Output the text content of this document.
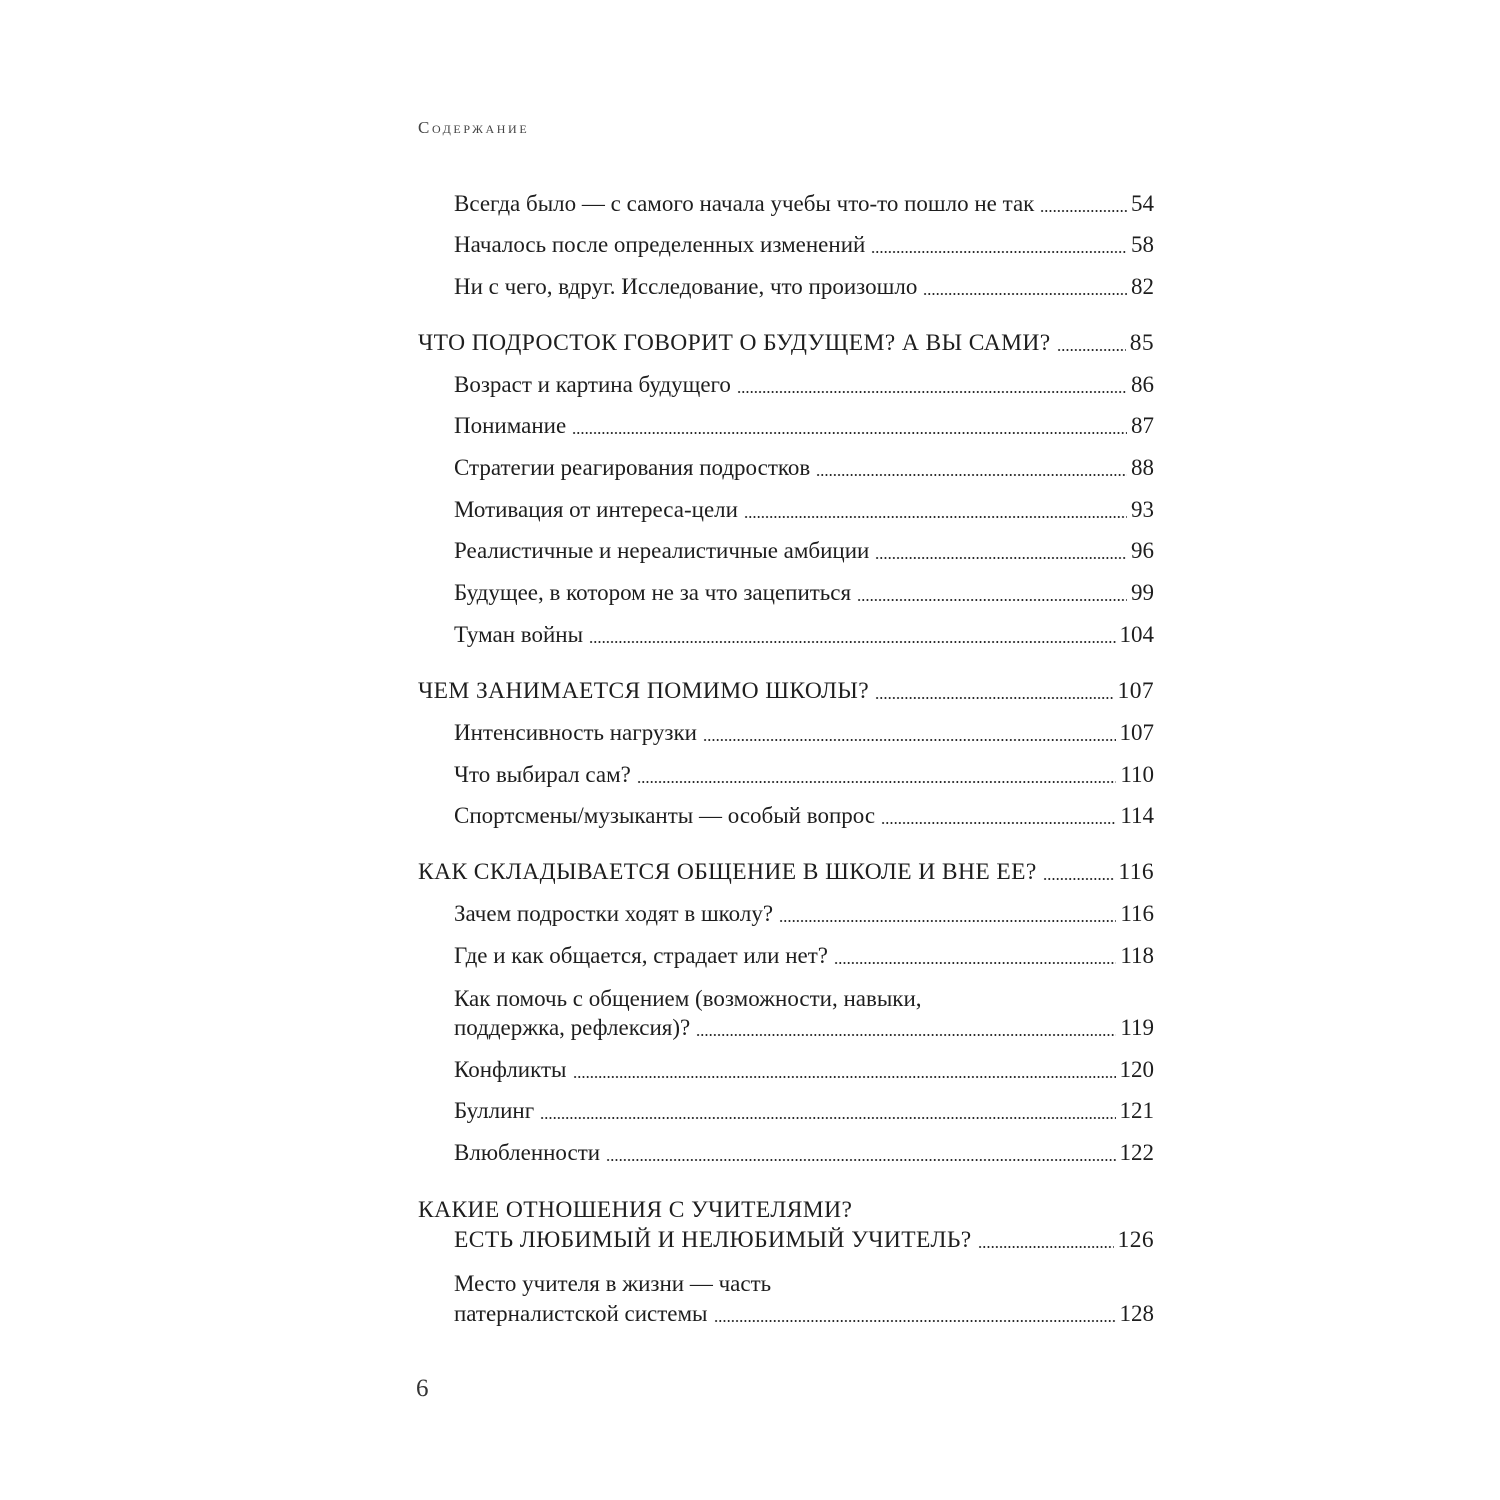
Содержание
Всегда было — с самого начала учебы что-то пошло не так	54
Началось после определенных изменений	58
Ни с чего, вдруг. Исследование, что произошло	82
ЧТО ПОДРОСТОК ГОВОРИТ О БУДУЩЕМ? А ВЫ САМИ?	85
Возраст и картина будущего	86
Понимание	87
Стратегии реагирования подростков	88
Мотивация от интереса-цели	93
Реалистичные и нереалистичные амбиции	96
Будущее, в котором не за что зацепиться	99
Туман войны	104
ЧЕМ ЗАНИМАЕТСЯ ПОМИМО ШКОЛЫ?	107
Интенсивность нагрузки	107
Что выбирал сам?	110
Спортсмены/музыканты — особый вопрос	114
КАК СКЛАДЫВАЕТСЯ ОБЩЕНИЕ В ШКОЛЕ И ВНЕ ЕЕ?	116
Зачем подростки ходят в школу?	116
Где и как общается, страдает или нет?	118
Как помочь с общением (возможности, навыки,
поддержка, рефлексия)?	119
Конфликты	120
Буллинг	121
Влюбленности	122
КАКИЕ ОТНОШЕНИЯ С УЧИТЕЛЯМИ?
ЕСТЬ ЛЮБИМЫЙ И НЕЛЮБИМЫЙ УЧИТЕЛЬ?	126
Место учителя в жизни — часть
патерналистской системы	128
6
